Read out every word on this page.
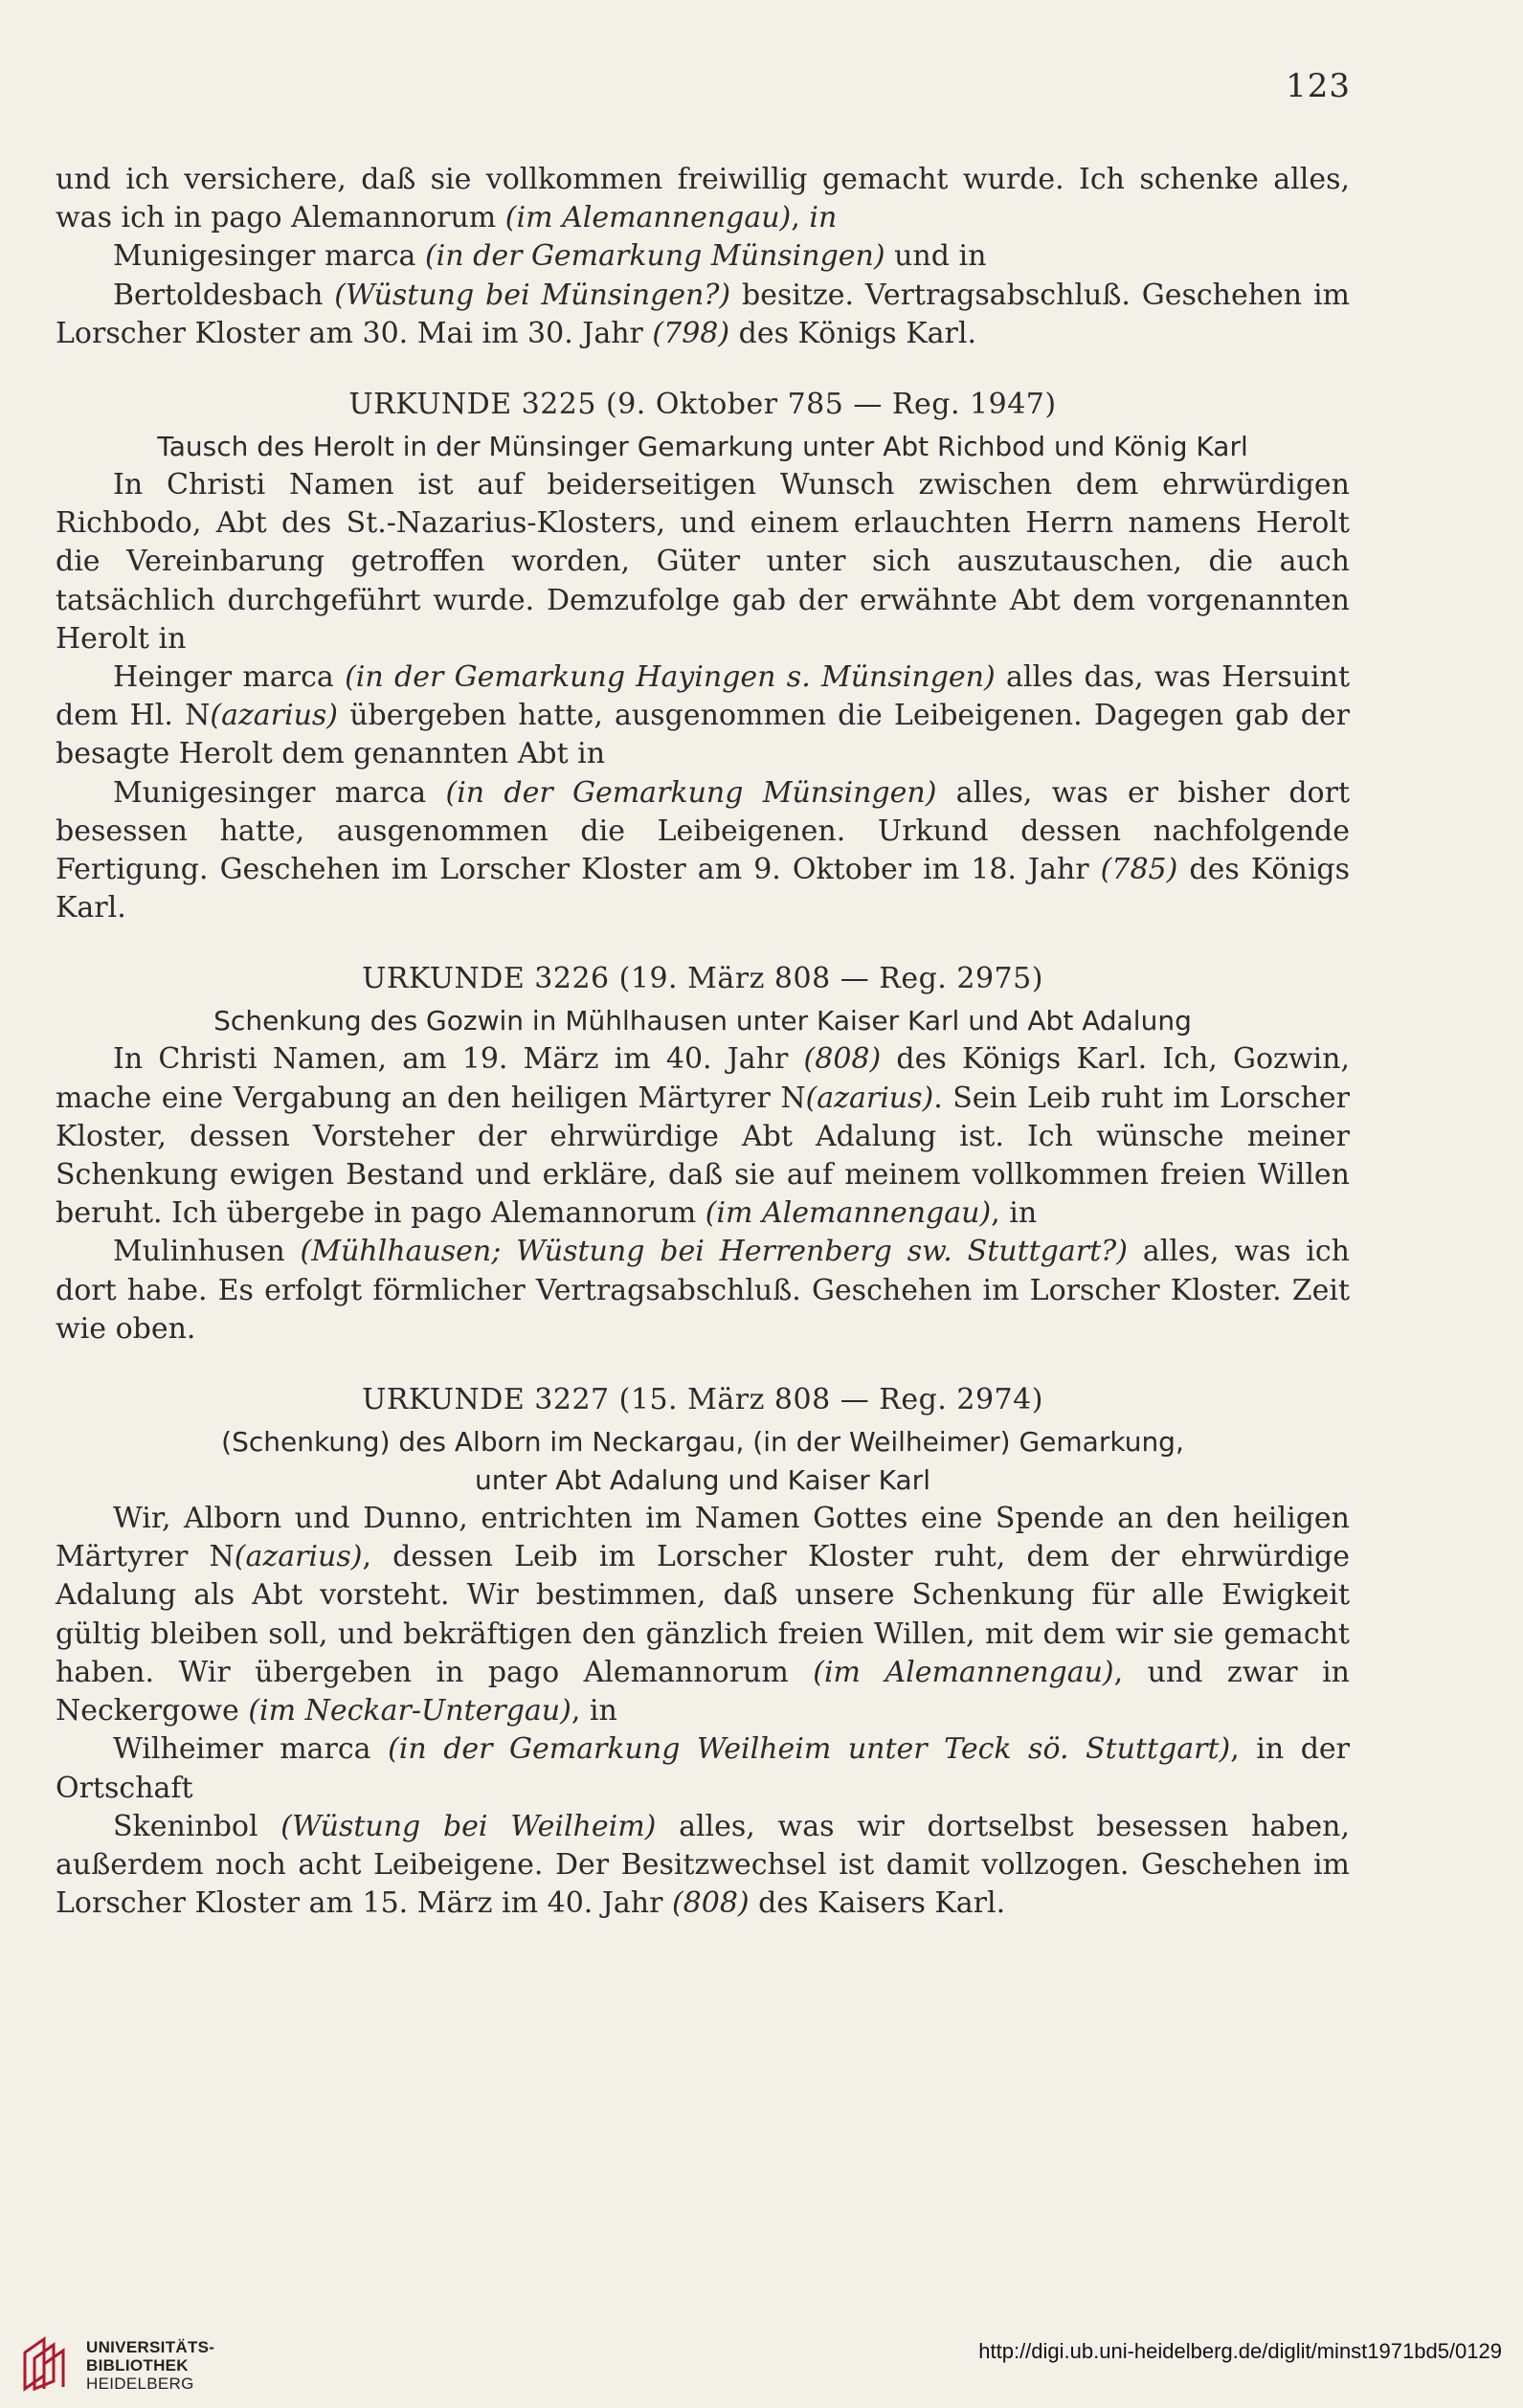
123
und ich versichere, daß sie vollkommen freiwillig gemacht wurde. Ich schenke alles, was ich in pago Alemannorum (im Alemannengau), in
Munigesinger marca (in der Gemarkung Münsingen) und in
Bertoldesbach (Wüstung bei Münsingen?) besitze. Vertragsabschluß. Geschehen im Lorscher Kloster am 30. Mai im 30. Jahr (798) des Königs Karl.
URKUNDE 3225 (9. Oktober 785 — Reg. 1947)
Tausch des Herolt in der Münsinger Gemarkung unter Abt Richbod und König Karl
In Christi Namen ist auf beiderseitigen Wunsch zwischen dem ehrwürdigen Richbodo, Abt des St.-Nazarius-Klosters, und einem erlauchten Herrn namens Herolt die Vereinbarung getroffen worden, Güter unter sich auszutauschen, die auch tatsächlich durchgeführt wurde. Demzufolge gab der erwähnte Abt dem vorgenannten Herolt in
Heinger marca (in der Gemarkung Hayingen s. Münsingen) alles das, was Hersuint dem Hl. N(azarius) übergeben hatte, ausgenommen die Leibeigenen. Dagegen gab der besagte Herolt dem genannten Abt in
Munigesinger marca (in der Gemarkung Münsingen) alles, was er bisher dort besessen hatte, ausgenommen die Leibeigenen. Urkund dessen nachfolgende Fertigung. Geschehen im Lorscher Kloster am 9. Oktober im 18. Jahr (785) des Königs Karl.
URKUNDE 3226 (19. März 808 — Reg. 2975)
Schenkung des Gozwin in Mühlhausen unter Kaiser Karl und Abt Adalung
In Christi Namen, am 19. März im 40. Jahr (808) des Königs Karl. Ich, Gozwin, mache eine Vergabung an den heiligen Märtyrer N(azarius). Sein Leib ruht im Lorscher Kloster, dessen Vorsteher der ehrwürdige Abt Adalung ist. Ich wünsche meiner Schenkung ewigen Bestand und erkläre, daß sie auf meinem vollkommen freien Willen beruht. Ich übergebe in pago Alemannorum (im Alemannengau), in
Mulinhusen (Mühlhausen; Wüstung bei Herrenberg sw. Stuttgart?) alles, was ich dort habe. Es erfolgt förmlicher Vertragsabschluß. Geschehen im Lorscher Kloster. Zeit wie oben.
URKUNDE 3227 (15. März 808 — Reg. 2974)
(Schenkung) des Alborn im Neckargau, (in der Weilheimer) Gemarkung,
unter Abt Adalung und Kaiser Karl
Wir, Alborn und Dunno, entrichten im Namen Gottes eine Spende an den heiligen Märtyrer N(azarius), dessen Leib im Lorscher Kloster ruht, dem der ehrwürdige Adalung als Abt vorsteht. Wir bestimmen, daß unsere Schenkung für alle Ewigkeit gültig bleiben soll, und bekräftigen den gänzlich freien Willen, mit dem wir sie gemacht haben. Wir übergeben in pago Alemannorum (im Alemannengau), und zwar in Neckergowe (im Neckar-Untergau), in
Wilheimer marca (in der Gemarkung Weilheim unter Teck sö. Stuttgart), in der Ortschaft
Skeninbol (Wüstung bei Weilheim) alles, was wir dortselbst besessen haben, außerdem noch acht Leibeigene. Der Besitzwechsel ist damit vollzogen. Geschehen im Lorscher Kloster am 15. März im 40. Jahr (808) des Kaisers Karl.
UNIVERSITÄTS-
BIBLIOTHEK
HEIDELBERG
http://digi.ub.uni-heidelberg.de/diglit/minst1971bd5/0129
